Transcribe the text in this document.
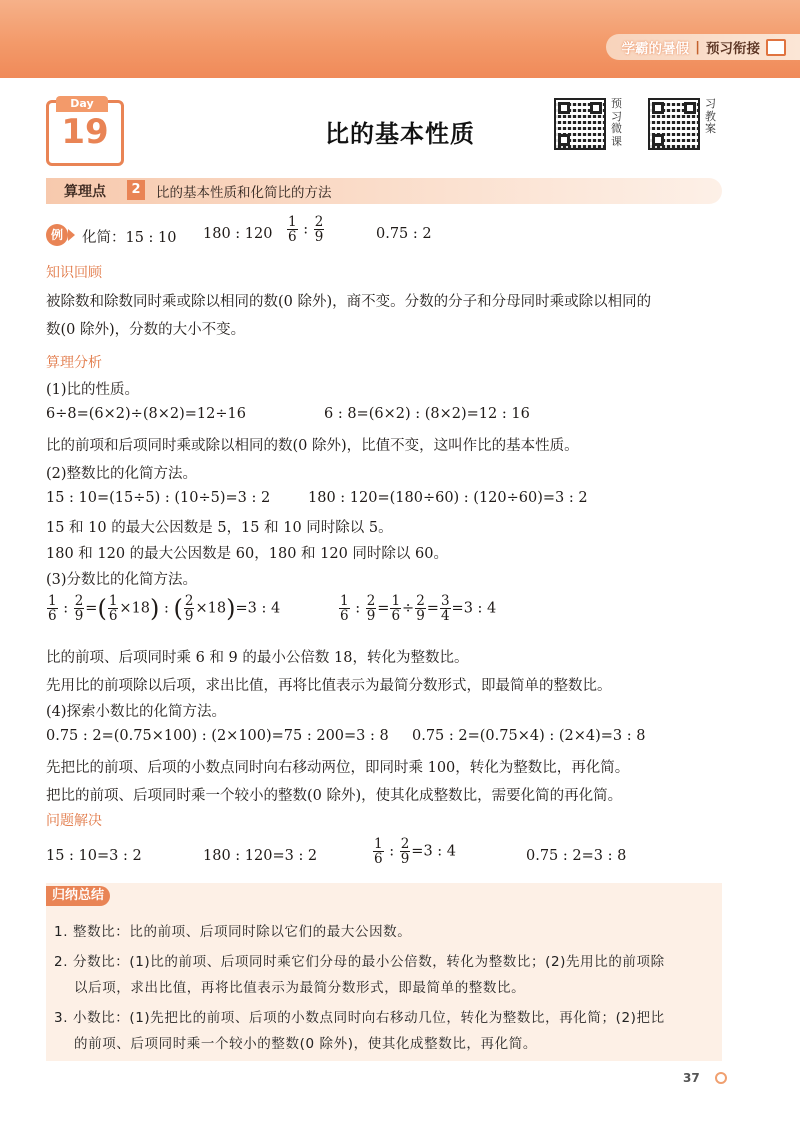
学霸的暑假 | 预习衔接
Day
19	比的基本性质
预习微课
习教案
算理点	2	比的基本性质和化简比的方法
例	化简：15 : 10 180 : $120 \frac{1}{6}$ : $\frac{2}{9}$	0.75 : 2
知识回顾
被除数和除数同时乘或除以相同的数(0 除外)，商不变。分数的分子和分母同时乘或除以相同的
数(0 除外)，分数的大小不变。
算理分析
(1)比的性质。
6÷8=(6×2)÷(8×2)=12÷16	6 : 8=(6×2) : (8×2)=12 : 16
比的前项和后项同时乘或除以相同的数(0 除外)，比值不变，这叫作比的基本性质。
(2)整数比的化简方法。
15 : 10=(15÷5) : (10÷5)=3 : 2	180 : 120=(180÷60) : (120÷60)=3 : 2
15 和 10 的最大公因数是 5，15 和 10 同时除以 5。
180 和 120 的最大公因数是 60，180 和 120 同时除以 60。
(3)分数比的化简方法。
$\frac{1}{6}$ : $\frac{2}{9}$ =( $\frac{1}{6} \times 18$) : ( $\frac{2}{9} \times 18)=3$ : 4	$\frac{1}{6}$ : $\frac{2}{9} = \frac{1}{6} \div \frac{2}{9} = \frac{3}{4} =3$ : 4
比的前项、后项同时乘 6 和 9 的最小公倍数 18，转化为整数比。
先用比的前项除以后项，求出比值，再将比值表示为最简分数形式，即最简单的整数比。
(4)探索小数比的化简方法。
0.75 : 2=(0.75×100) : (2×100)=75 : 200=3 : 8 0.75 : 2=(0.75×4) : (2×4)=3 : 8
先把比的前项、后项的小数点同时向右移动两位，即同时乘 100，转化为整数比，再化简。
把比的前项、后项同时乘一个较小的整数(0 除外)，使其化成整数比，需要化简的再化简。
问题解决
15 : 10=3 : 2	180 : 120=3 : 2	$\frac{1}{6}$ : $\frac{2}{9} =3$ : 4	0.75 : 2=3 : 8
归纳总结
1. 整数比：比的前项、后项同时除以它们的最大公因数。
2. 分数比：(1)比的前项、后项同时乘它们分母的最小公倍数，转化为整数比；(2)先用比的前项除
以后项，求出比值，再将比值表示为最简分数形式，即最简单的整数比。
3. 小数比：(1)先把比的前项、后项的小数点同时向右移动几位，转化为整数比，再化简；(2)把比
的前项、后项同时乘一个较小的整数(0 除外)，使其化成整数比，再化简。
37
